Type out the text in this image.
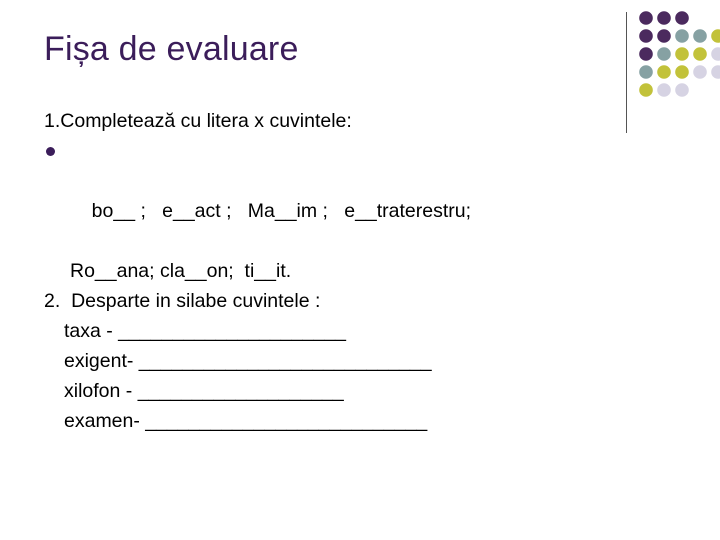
Fișa de evaluare
1.Completează cu litera x cuvintele:

bo__ ;   e__act ;   Ma__im ;   e__traterestru;

Ro__ana; cla__on;  ti__it.
2.  Desparte in silabe cuvintele :
taxa - _____________________
exigent- ___________________________
xilofon - ___________________
examen- __________________________
